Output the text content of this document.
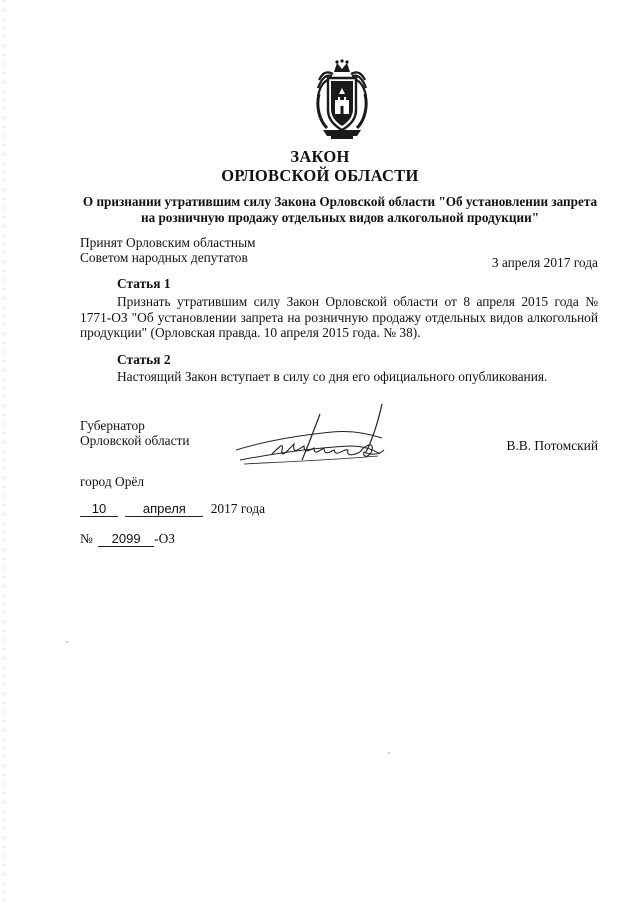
ЗАКОН
ОРЛОВСКОЙ ОБЛАСТИ
О признании утратившим силу Закона Орловской области "Об установлении запрета
на розничную продажу отдельных видов алкогольной продукции"
Принят Орловским областным
Советом народных депутатов	3 апреля 2017 года
Статья 1
Признать утратившим силу Закон Орловской области от 8 апреля 2015 года № 1771-ОЗ "Об установлении запрета на розничную продажу отдельных видов алкогольной продукции" (Орловская правда. 10 апреля 2015 года. № 38).
Статья 2
Настоящий Закон вступает в силу со дня его официального опубликования.
Губернатор
Орловской области	В.В. Потомский
город Орёл
10	апреля 2017 года
№ 2099 -ОЗ
